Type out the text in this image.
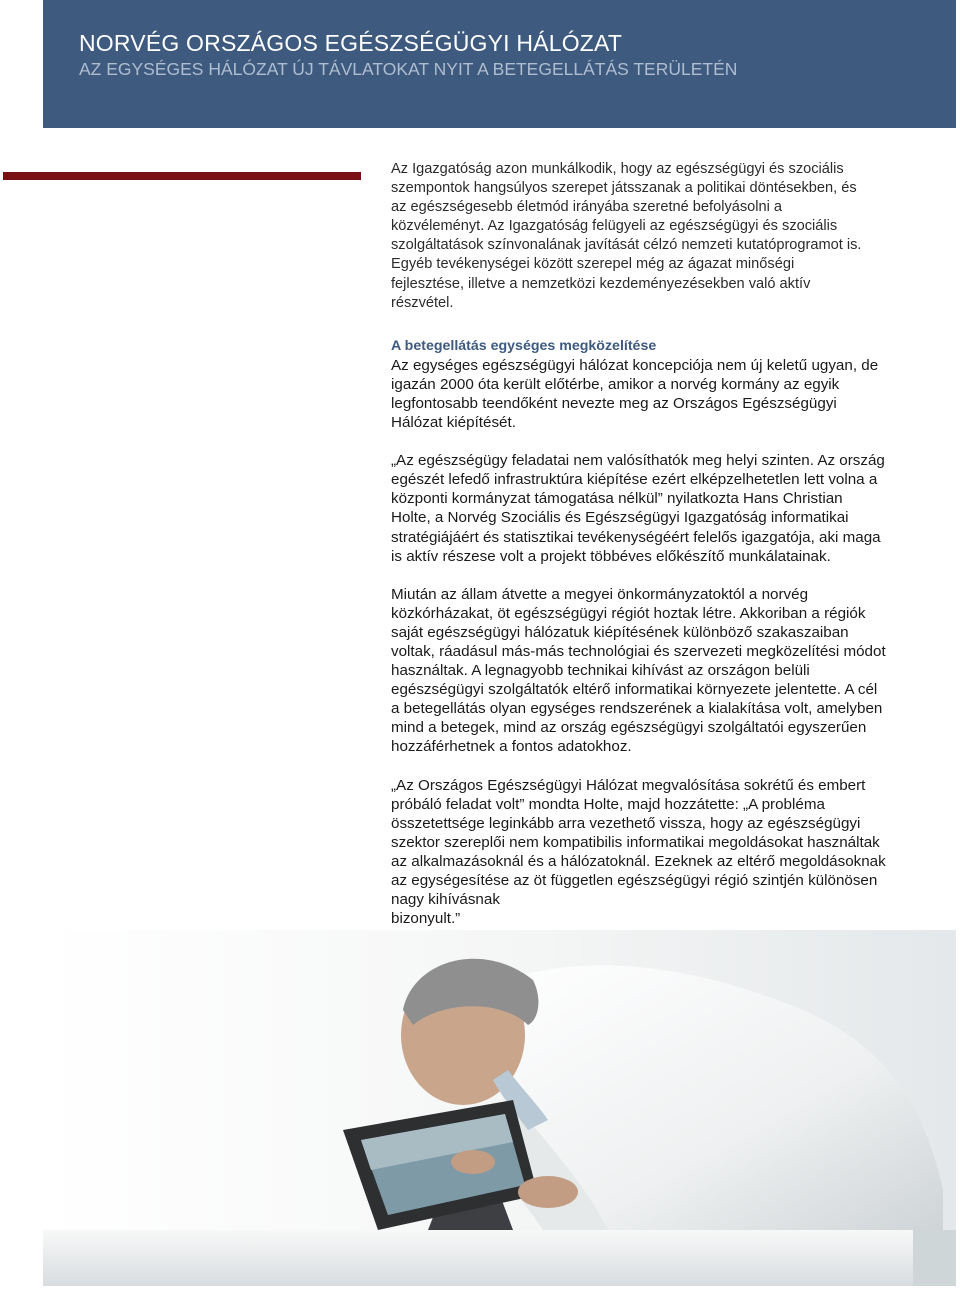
NORVÉG ORSZÁGOS EGÉSZSÉGÜGYI HÁLÓZAT
AZ EGYSÉGES HÁLÓZAT ÚJ TÁVLATOKAT NYIT A BETEGELLÁTÁS TERÜLETÉN

Az Igazgatóság azon munkálkodik, hogy az egészségügyi és szociális
szempontok hangsúlyos szerepet játsszanak a politikai döntésekben, és
az egészségesebb életmód irányába szeretné befolyásolni a
közvéleményt. Az Igazgatóság felügyeli az egészségügyi és szociális
szolgáltatások színvonalának javítását célzó nemzeti kutatóprogramot is.
Egyéb tevékenységei között szerepel még az ágazat minőségi
fejlesztése, illetve a nemzetközi kezdeményezésekben való aktív
részvétel.

A betegellátás egységes megközelítése

Az egységes egészségügyi hálózat koncepciója nem új keletű ugyan, de
igazán 2000 óta került előtérbe, amikor a norvég kormány az egyik
legfontosabb teendőként nevezte meg az Országos Egészségügyi
Hálózat kiépítését.

„Az egészségügy feladatai nem valósíthatók meg helyi szinten. Az ország
egészét lefedő infrastruktúra kiépítése ezért elképzelhetetlen lett volna a
központi kormányzat támogatása nélkül” nyilatkozta Hans Christian
Holte, a Norvég Szociális és Egészségügyi Igazgatóság informatikai
stratégiájáért és statisztikai tevékenységéért felelős igazgatója, aki maga
is aktív részese volt a projekt többéves előkészítő munkálatainak.

Miután az állam átvette a megyei önkormányzatoktól a norvég
közkórházakat, öt egészségügyi régiót hoztak létre. Akkoriban a régiók
saját egészségügyi hálózatuk kiépítésének különböző szakaszaiban
voltak, ráadásul más-más technológiai és szervezeti megközelítési módot
használtak. A legnagyobb technikai kihívást az országon belüli
egészségügyi szolgáltatók eltérő informatikai környezete jelentette. A cél
a betegellátás olyan egységes rendszerének a kialakítása volt, amelyben
mind a betegek, mind az ország egészségügyi szolgáltatói egyszerűen
hozzáférhetnek a fontos adatokhoz.

„Az Országos Egészségügyi Hálózat megvalósítása sokrétű és embert
próbáló feladat volt” mondta Holte, majd hozzátette: „A probléma
összetettsége leginkább arra vezethető vissza, hogy az egészségügyi
szektor szereplői nem kompatibilis informatikai megoldásokat használtak
az alkalmazásoknál és a hálózatoknál. Ezeknek az eltérő megoldásoknak
az egységesítése az öt független egészségügyi régió szintjén különösen
nagy kihívásnak
bizonyult.”
